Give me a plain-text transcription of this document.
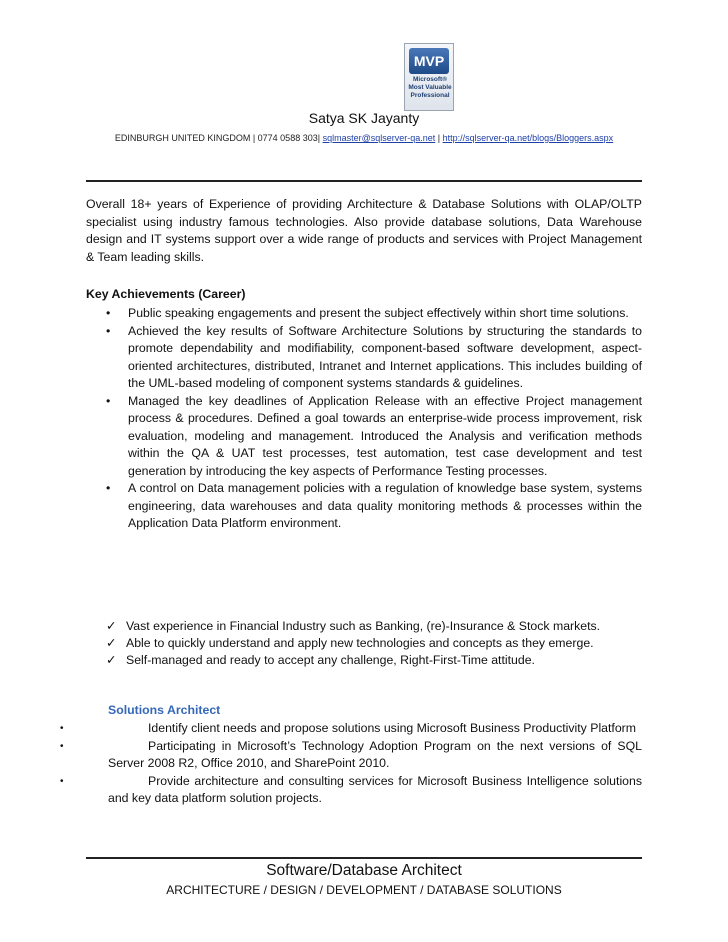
MVP
Microsoft®
Most Valuable
Professional
Satya SK Jayanty
EDINBURGH UNITED KINGDOM | 0774 0588 303| sqlmaster@sqlserver-qa.net | http://sqlserver-qa.net/blogs/Bloggers.aspx
Overall 18+ years of Experience of providing Architecture & Database Solutions with OLAP/OLTP specialist using industry famous technologies. Also provide database solutions, Data Warehouse design and IT systems support over a wide range of products and services with Project Management & Team leading skills.
Key Achievements (Career)
• Public speaking engagements and present the subject effectively within short time solutions.
• Achieved the key results of Software Architecture Solutions by structuring the standards to promote dependability and modifiability, component-based software development, aspect-oriented architectures, distributed, Intranet and Internet applications. This includes building of the UML-based modeling of component systems standards & guidelines.
• Managed the key deadlines of Application Release with an effective Project management process & procedures. Defined a goal towards an enterprise-wide process improvement, risk evaluation, modeling and management. Introduced the Analysis and verification methods within the QA & UAT test processes, test automation, test case development and test generation by introducing the key aspects of Performance Testing processes.
• A control on Data management policies with a regulation of knowledge base system, systems engineering, data warehouses and data quality monitoring methods & processes within the Application Data Platform environment.
✓ Vast experience in Financial Industry such as Banking, (re)-Insurance & Stock markets.
✓ Able to quickly understand and apply new technologies and concepts as they emerge.
✓ Self-managed and ready to accept any challenge, Right-First-Time attitude.
Solutions Architect
•	Identify client needs and propose solutions using Microsoft Business Productivity Platform
•	Participating in Microsoft’s Technology Adoption Program on the next versions of SQL Server 2008 R2, Office 2010, and SharePoint 2010.
•	Provide architecture and consulting services for Microsoft Business Intelligence solutions and key data platform solution projects.
Software/Database Architect
ARCHITECTURE / DESIGN / DEVELOPMENT / DATABASE SOLUTIONS
